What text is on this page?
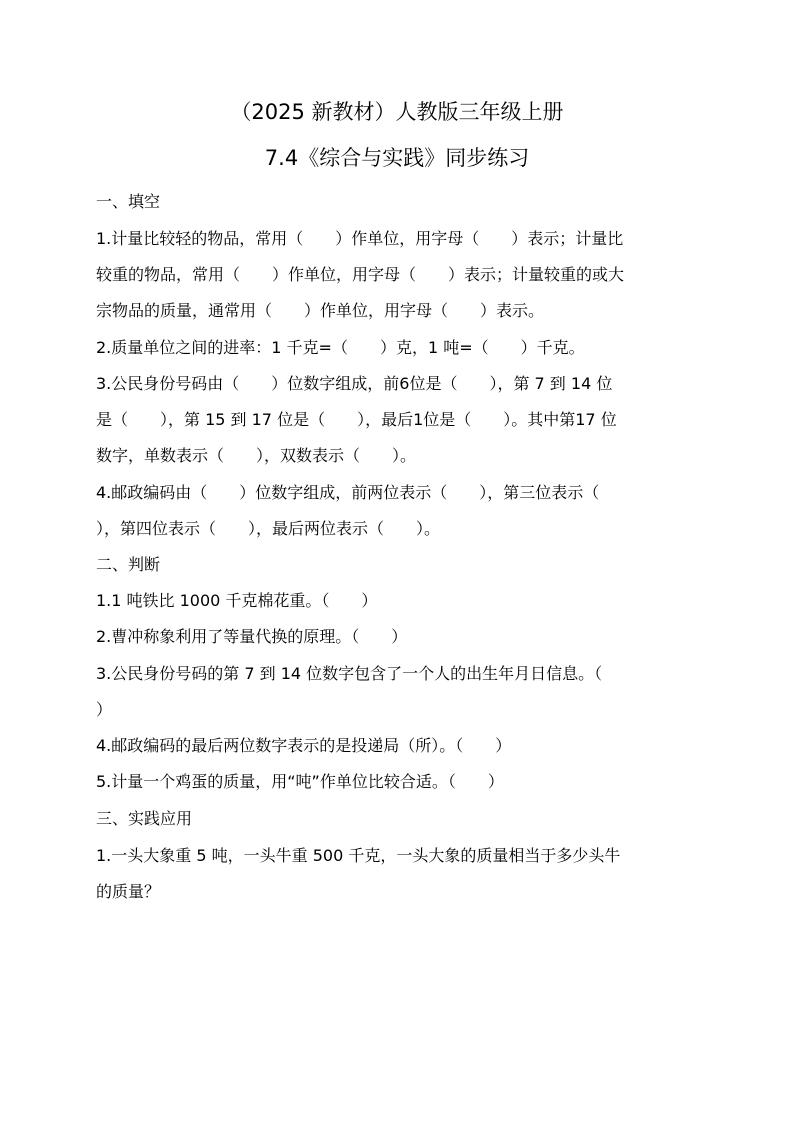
（2025 新教材）人教版三年级上册
7.4《综合与实践》同步练习
一、填空
1.计量比较轻的物品，常用（　　）作单位，用字母（　　）表示；计量比
较重的物品，常用（　　）作单位，用字母（　　）表示；计量较重的或大
宗物品的质量，通常用（　　）作单位，用字母（　　）表示。
2.质量单位之间的进率：1 千克=（　　）克，1 吨=（　　）千克。
3.公民身份号码由（　　）位数字组成，前6位是（　　），第 7 到 14 位
是（　　），第 15 到 17 位是（　　），最后1位是（　　）。其中第17 位
数字，单数表示（　　），双数表示（　　）。
4.邮政编码由（　　）位数字组成，前两位表示（　　），第三位表示（
），第四位表示（　　），最后两位表示（　　）。
二、判断
1.1 吨铁比 1000 千克棉花重。（　　）
2.曹冲称象利用了等量代换的原理。（　　）
3.公民身份号码的第 7 到 14 位数字包含了一个人的出生年月日信息。（
）
4.邮政编码的最后两位数字表示的是投递局（所）。（　　）
5.计量一个鸡蛋的质量，用“吨”作单位比较合适。（　　）
三、实践应用
1.一头大象重 5 吨，一头牛重 500 千克，一头大象的质量相当于多少头牛
的质量？
